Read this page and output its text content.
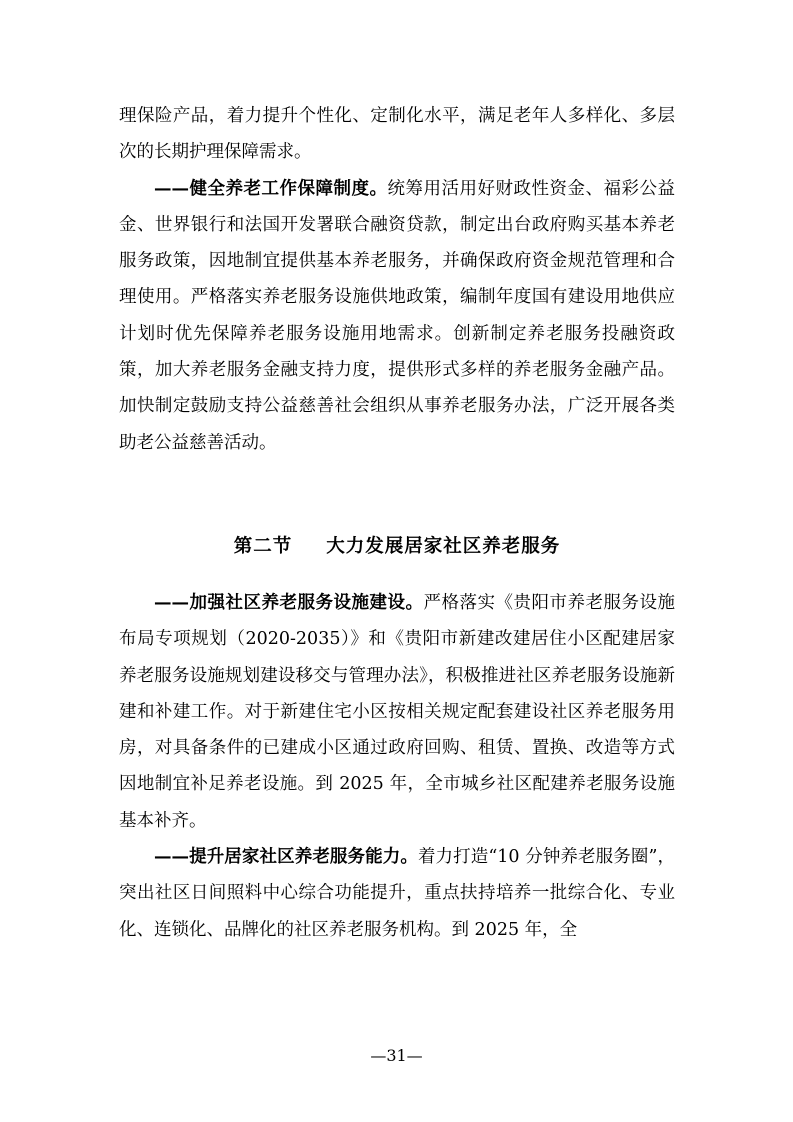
理保险产品，着力提升个性化、定制化水平，满足老年人多样化、多层次的长期护理保障需求。

——健全养老工作保障制度。统筹用活用好财政性资金、福彩公益金、世界银行和法国开发署联合融资贷款，制定出台政府购买基本养老服务政策，因地制宜提供基本养老服务，并确保政府资金规范管理和合理使用。严格落实养老服务设施供地政策，编制年度国有建设用地供应计划时优先保障养老服务设施用地需求。创新制定养老服务投融资政策，加大养老服务金融支持力度，提供形式多样的养老服务金融产品。加快制定鼓励支持公益慈善社会组织从事养老服务办法，广泛开展各类助老公益慈善活动。

第二节 大力发展居家社区养老服务

——加强社区养老服务设施建设。严格落实《贵阳市养老服务设施布局专项规划（2020-2035）》和《贵阳市新建改建居住小区配建居家养老服务设施规划建设移交与管理办法》，积极推进社区养老服务设施新建和补建工作。对于新建住宅小区按相关规定配套建设社区养老服务用房，对具备条件的已建成小区通过政府回购、租赁、置换、改造等方式因地制宜补足养老设施。到 2025 年，全市城乡社区配建养老服务设施基本补齐。

——提升居家社区养老服务能力。着力打造“10 分钟养老服务圈”，突出社区日间照料中心综合功能提升，重点扶持培养一批综合化、专业化、连锁化、品牌化的社区养老服务机构。到 2025 年，全

—31—
